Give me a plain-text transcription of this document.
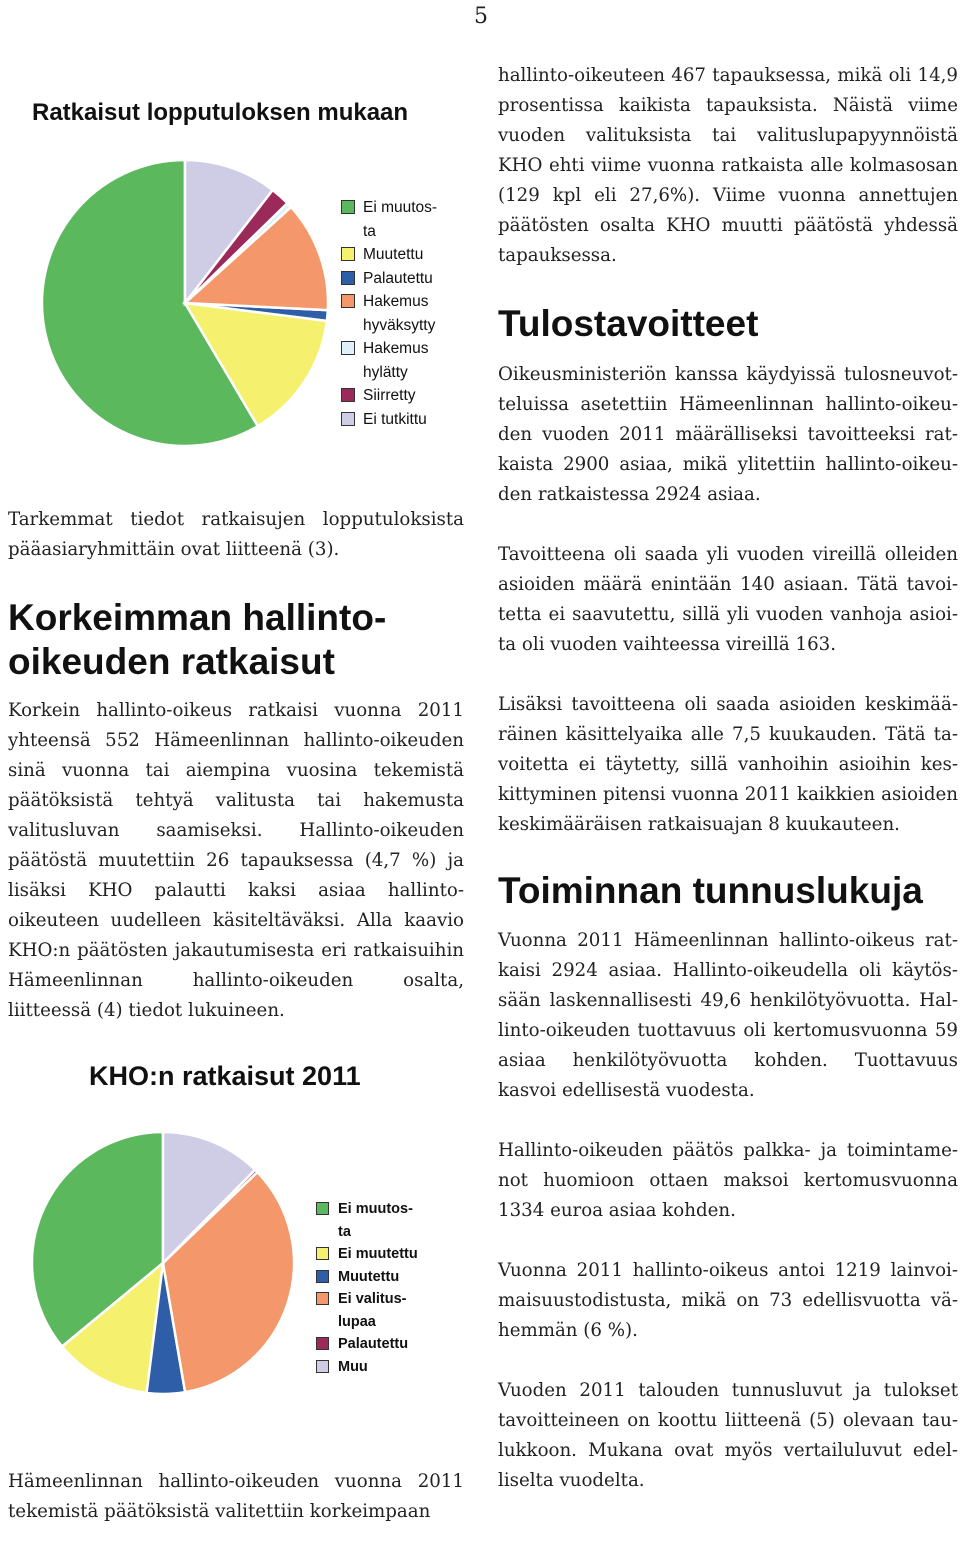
5
Ratkaisut lopputuloksen mukaan
Ei muutos-
ta
Muutettu
Palautettu
Hakemus
hyväksytty
Hakemus
hylätty
Siirretty
Ei tutkittu

Tarkemmat tiedot ratkaisujen lopputuloksista pääasiaryhmittäin ovat liitteenä (3).

Korkeimman hallinto-
oikeuden ratkaisut

Korkein hallinto-oikeus ratkaisi vuonna 2011 yhteensä 552 Hämeenlinnan hallinto-oikeuden sinä vuonna tai aiempina vuosina tekemistä päätöksistä tehtyä valitusta tai hakemusta valitusluvan saamiseksi. Hallinto-oikeuden päätöstä muutettiin 26 tapauksessa (4,7 %) ja lisäksi KHO palautti kaksi asiaa hallinto-oikeuteen uudelleen käsiteltäväksi. Alla kaavio KHO:n päätösten jakautumisesta eri ratkaisuihin Hämeenlinnan hallinto-oikeuden osalta, liitteessä (4) tiedot lukuineen.

KHO:n ratkaisut 2011
Ei muutos-
ta
Ei muutettu
Muutettu
Ei valitus-
lupaa
Palautettu
Muu

Hämeenlinnan hallinto-oikeuden vuonna 2011 tekemistä päätöksistä valitettiin korkeimpaan

hallinto-oikeuteen 467 tapauksessa, mikä oli 14,9 prosentissa kaikista tapauksista. Näistä viime vuoden valituksista tai valituslupapyynnöistä KHO ehti viime vuonna ratkaista alle kolmasosan (129 kpl eli 27,6%). Viime vuonna annettujen päätösten osalta KHO muutti päätöstä yhdessä tapauksessa.

Tulostavoitteet

Oikeusministeriön kanssa käydyissä tulosneuvotteluissa asetettiin Hämeenlinnan hallinto-oikeuden vuoden 2011 määrälliseksi tavoitteeksi ratkaista 2900 asiaa, mikä ylitettiin hallinto-oikeuden ratkaistessa 2924 asiaa.

Tavoitteena oli saada yli vuoden vireillä olleiden asioiden määrä enintään 140 asiaan. Tätä tavoitetta ei saavutettu, sillä yli vuoden vanhoja asioita oli vuoden vaihteessa vireillä 163.

Lisäksi tavoitteena oli saada asioiden keskimääräinen käsittelyaika alle 7,5 kuukauden. Tätä tavoitetta ei täytetty, sillä vanhoihin asioihin keskittyminen pitensi vuonna 2011 kaikkien asioiden keskimääräisen ratkaisuajan 8 kuukauteen.

Toiminnan tunnuslukuja

Vuonna 2011 Hämeenlinnan hallinto-oikeus ratkaisi 2924 asiaa. Hallinto-oikeudella oli käytössään laskennallisesti 49,6 henkilötyövuotta. Hallinto-oikeuden tuottavuus oli kertomusvuonna 59 asiaa henkilötyövuotta kohden. Tuottavuus kasvoi edellisestä vuodesta.

Hallinto-oikeuden päätös palkka- ja toimintamenot huomioon ottaen maksoi kertomusvuonna 1334 euroa asiaa kohden.

Vuonna 2011 hallinto-oikeus antoi 1219 lainvoimaisuustodistusta, mikä on 73 edellisvuotta vähemmän (6 %).

Vuoden 2011 talouden tunnusluvut ja tulokset tavoitteineen on koottu liitteenä (5) olevaan taulukkoon. Mukana ovat myös vertailuluvut edelliselta vuodelta.
